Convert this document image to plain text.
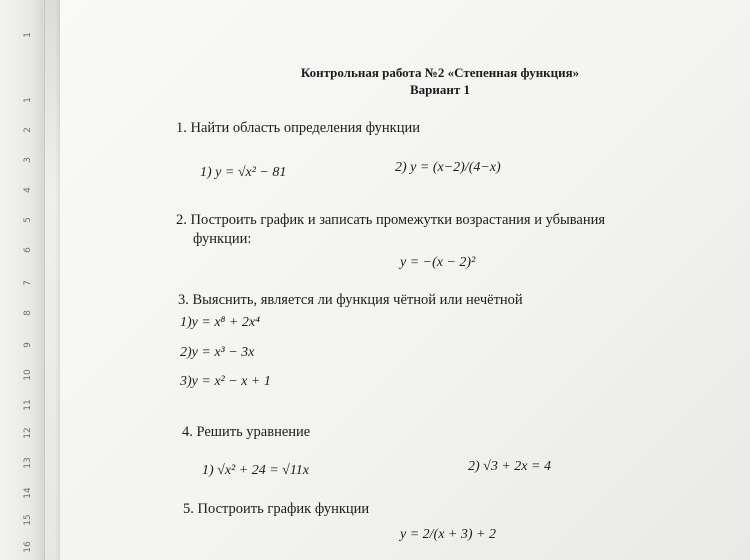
1
1
2
3
4
5
6
7
8
9
10
11
12
13
14
15
16
Контрольная работа №2 «Степенная функция»
Вариант 1
1. Найти область определения функции
1) y = √x² − 81	2) y = (x−2)/(4−x)
2. Построить график и записать промежутки возрастания и убывания
функции:
y = −(x − 2)²
3. Выяснить, является ли функция чётной или нечётной
1)y = x⁸ + 2x⁴
2)y = x³ − 3x
3)y = x² − x + 1
4. Решить уравнение
1) √x² + 24 = √11x	2) √3 + 2x = 4
5. Построить график функции
y = 2/(x + 3) + 2
